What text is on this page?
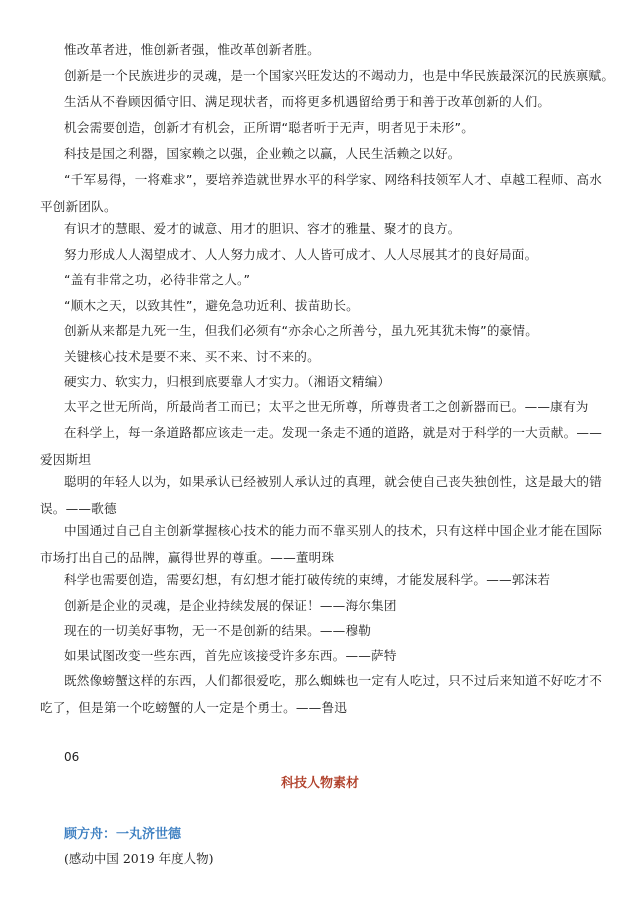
惟改革者进，惟创新者强，惟改革创新者胜。

创新是一个民族进步的灵魂，是一个国家兴旺发达的不竭动力，也是中华民族最深沉的民族禀赋。

生活从不眷顾因循守旧、满足现状者，而将更多机遇留给勇于和善于改革创新的人们。

机会需要创造，创新才有机会，正所谓“聪者听于无声，明者见于未形”。

科技是国之利器，国家赖之以强，企业赖之以赢，人民生活赖之以好。

“千军易得，一将难求”，要培养造就世界水平的科学家、网络科技领军人才、卓越工程师、高水平创新团队。

有识才的慧眼、爱才的诚意、用才的胆识、容才的雅量、聚才的良方。

努力形成人人渴望成才、人人努力成才、人人皆可成才、人人尽展其才的良好局面。

“盖有非常之功，必待非常之人。”

“顺木之天，以致其性”，避免急功近利、拔苗助长。

创新从来都是九死一生，但我们必须有“亦余心之所善兮，虽九死其犹未悔”的豪情。

关键核心技术是要不来、买不来、讨不来的。

硬实力、软实力，归根到底要靠人才实力。（湘语文精编）

太平之世无所尚，所最尚者工而已；太平之世无所尊，所尊贵者工之创新器而已。——康有为

在科学上，每一条道路都应该走一走。发现一条走不通的道路，就是对于科学的一大贡献。——爱因斯坦

聪明的年轻人以为，如果承认已经被别人承认过的真理，就会使自己丧失独创性，这是最大的错误。——歌德

中国通过自己自主创新掌握核心技术的能力而不靠买别人的技术，只有这样中国企业才能在国际市场打出自己的品牌，赢得世界的尊重。——董明珠

科学也需要创造，需要幻想，有幻想才能打破传统的束缚，才能发展科学。——郭沫若

创新是企业的灵魂，是企业持续发展的保证！——海尔集团

现在的一切美好事物，无一不是创新的结果。——穆勒

如果试图改变一些东西，首先应该接受许多东西。——萨特

既然像螃蟹这样的东西，人们都很爱吃，那么蜘蛛也一定有人吃过，只不过后来知道不好吃才不吃了，但是第一个吃螃蟹的人一定是个勇士。——鲁迅

06
科技人物素材
顾方舟：一丸济世德
(感动中国 2019 年度人物)
